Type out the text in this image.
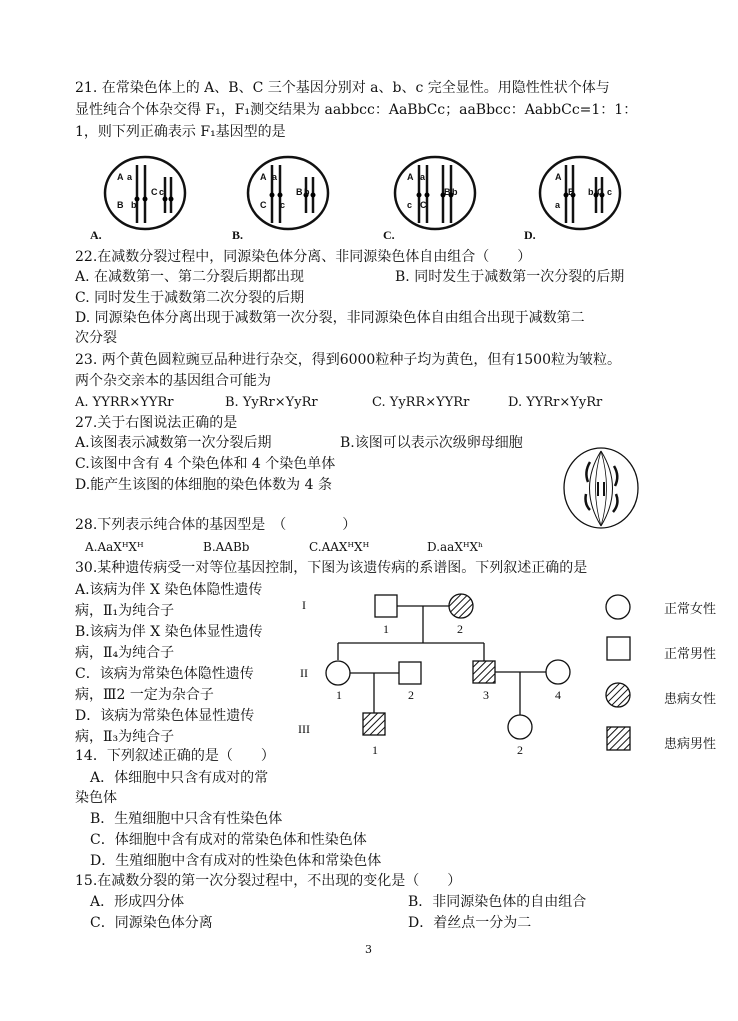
21. 在常染色体上的 A、B、C 三个基因分别对 a、b、c 完全显性。用隐性性状个体与
显性纯合个体杂交得 F₁，F₁测交结果为 aabbcc：AaBbCc；aaBbcc：AabbCc=1：1：
1，则下列正确表示 F₁基因型的是
A a
B b
C c
A a
C c
B b
A a
c C
B b
A
a
B b C c
A.	B.	C.	D.
22.在减数分裂过程中，同源染色体分离、非同源染色体自由组合（　　）
A. 在减数第一、第二分裂后期都出现	B. 同时发生于减数第一次分裂的后期
C. 同时发生于减数第二次分裂的后期
D. 同源染色体分离出现于减数第一次分裂，非同源染色体自由组合出现于减数第二
次分裂
23. 两个黄色圆粒豌豆品种进行杂交，得到6000粒种子均为黄色，但有1500粒为皱粒。
两个杂交亲本的基因组合可能为
A. YYRR×YYRr	B. YyRr×YyRr	C. YyRR×YYRr	D. YYRr×YyRr
27.关于右图说法正确的是
A.该图表示减数第一次分裂后期	B.该图可以表示次级卵母细胞
C.该图中含有 4 个染色体和 4 个染色单体
D.能产生该图的体细胞的染色体数为 4 条
28.下列表示纯合体的基因型是　（　　　　）
A.AaXᴴXᴴ	B.AABb	C.AAXᴴXᴴ	D.aaXᴴXʰ
30.某种遗传病受一对等位基因控制，下图为该遗传病的系谱图。下列叙述正确的是
A.该病为伴 X 染色体隐性遗传
病，Ⅱ₁为纯合子
B.该病为伴 X 染色体显性遗传
病，Ⅱ₄为纯合子
C．该病为常染色体隐性遗传
病，Ⅲ2 一定为杂合子
D．该病为常染色体显性遗传
病，Ⅱ₃为纯合子
I
II
III
1	2
1	2	3	4
1	2
正常女性
正常男性
患病女性
患病男性
14．下列叙述正确的是（　　）
A．体细胞中只含有成对的常
染色体
B．生殖细胞中只含有性染色体
C．体细胞中含有成对的常染色体和性染色体
D．生殖细胞中含有成对的性染色体和常染色体
15.在减数分裂的第一次分裂过程中，不出现的变化是（　　）
A．形成四分体	B．非同源染色体的自由组合
C．同源染色体分离	D．着丝点一分为二
3
